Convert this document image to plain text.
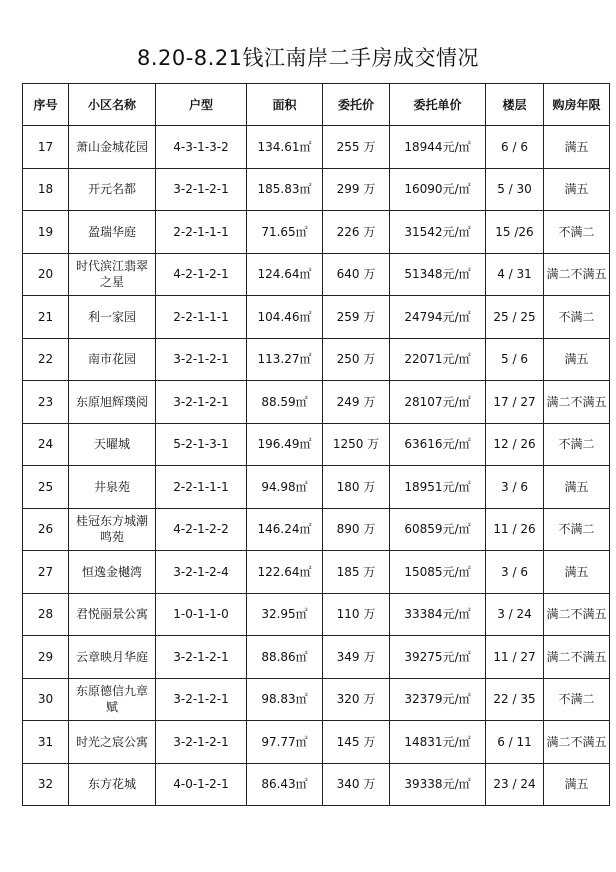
8.20-8.21钱江南岸二手房成交情况
序号	小区名称	户型	面积	委托价	委托单价	楼层	购房年限
17	萧山金城花园	4-3-1-3-2	134.61㎡	255 万	18944元/㎡	6 / 6	满五
18	开元名都	3-2-1-2-1	185.83㎡	299 万	16090元/㎡	5 / 30	满五
19	盈瑞华庭	2-2-1-1-1	71.65㎡	226 万	31542元/㎡	15 /26	不满二
20	时代滨江翡翠之星	4-2-1-2-1	124.64㎡	640 万	51348元/㎡	4 / 31	满二不满五
21	利一家园	2-2-1-1-1	104.46㎡	259 万	24794元/㎡	25 / 25	不满二
22	南市花园	3-2-1-2-1	113.27㎡	250 万	22071元/㎡	5 / 6	满五
23	东原旭辉璞阅	3-2-1-2-1	88.59㎡	249 万	28107元/㎡	17 / 27	满二不满五
24	天曜城	5-2-1-3-1	196.49㎡	1250 万	63616元/㎡	12 / 26	不满二
25	井泉苑	2-2-1-1-1	94.98㎡	180 万	18951元/㎡	3 / 6	满五
26	桂冠东方城潮鸣苑	4-2-1-2-2	146.24㎡	890 万	60859元/㎡	11 / 26	不满二
27	恒逸金樾湾	3-2-1-2-4	122.64㎡	185 万	15085元/㎡	3 / 6	满五
28	君悦丽景公寓	1-0-1-1-0	32.95㎡	110 万	33384元/㎡	3 / 24	满二不满五
29	云章映月华庭	3-2-1-2-1	88.86㎡	349 万	39275元/㎡	11 / 27	满二不满五
30	东原德信九章赋	3-2-1-2-1	98.83㎡	320 万	32379元/㎡	22 / 35	不满二
31	时光之宸公寓	3-2-1-2-1	97.77㎡	145 万	14831元/㎡	6 / 11	满二不满五
32	东方花城	4-0-1-2-1	86.43㎡	340 万	39338元/㎡	23 / 24	满五
